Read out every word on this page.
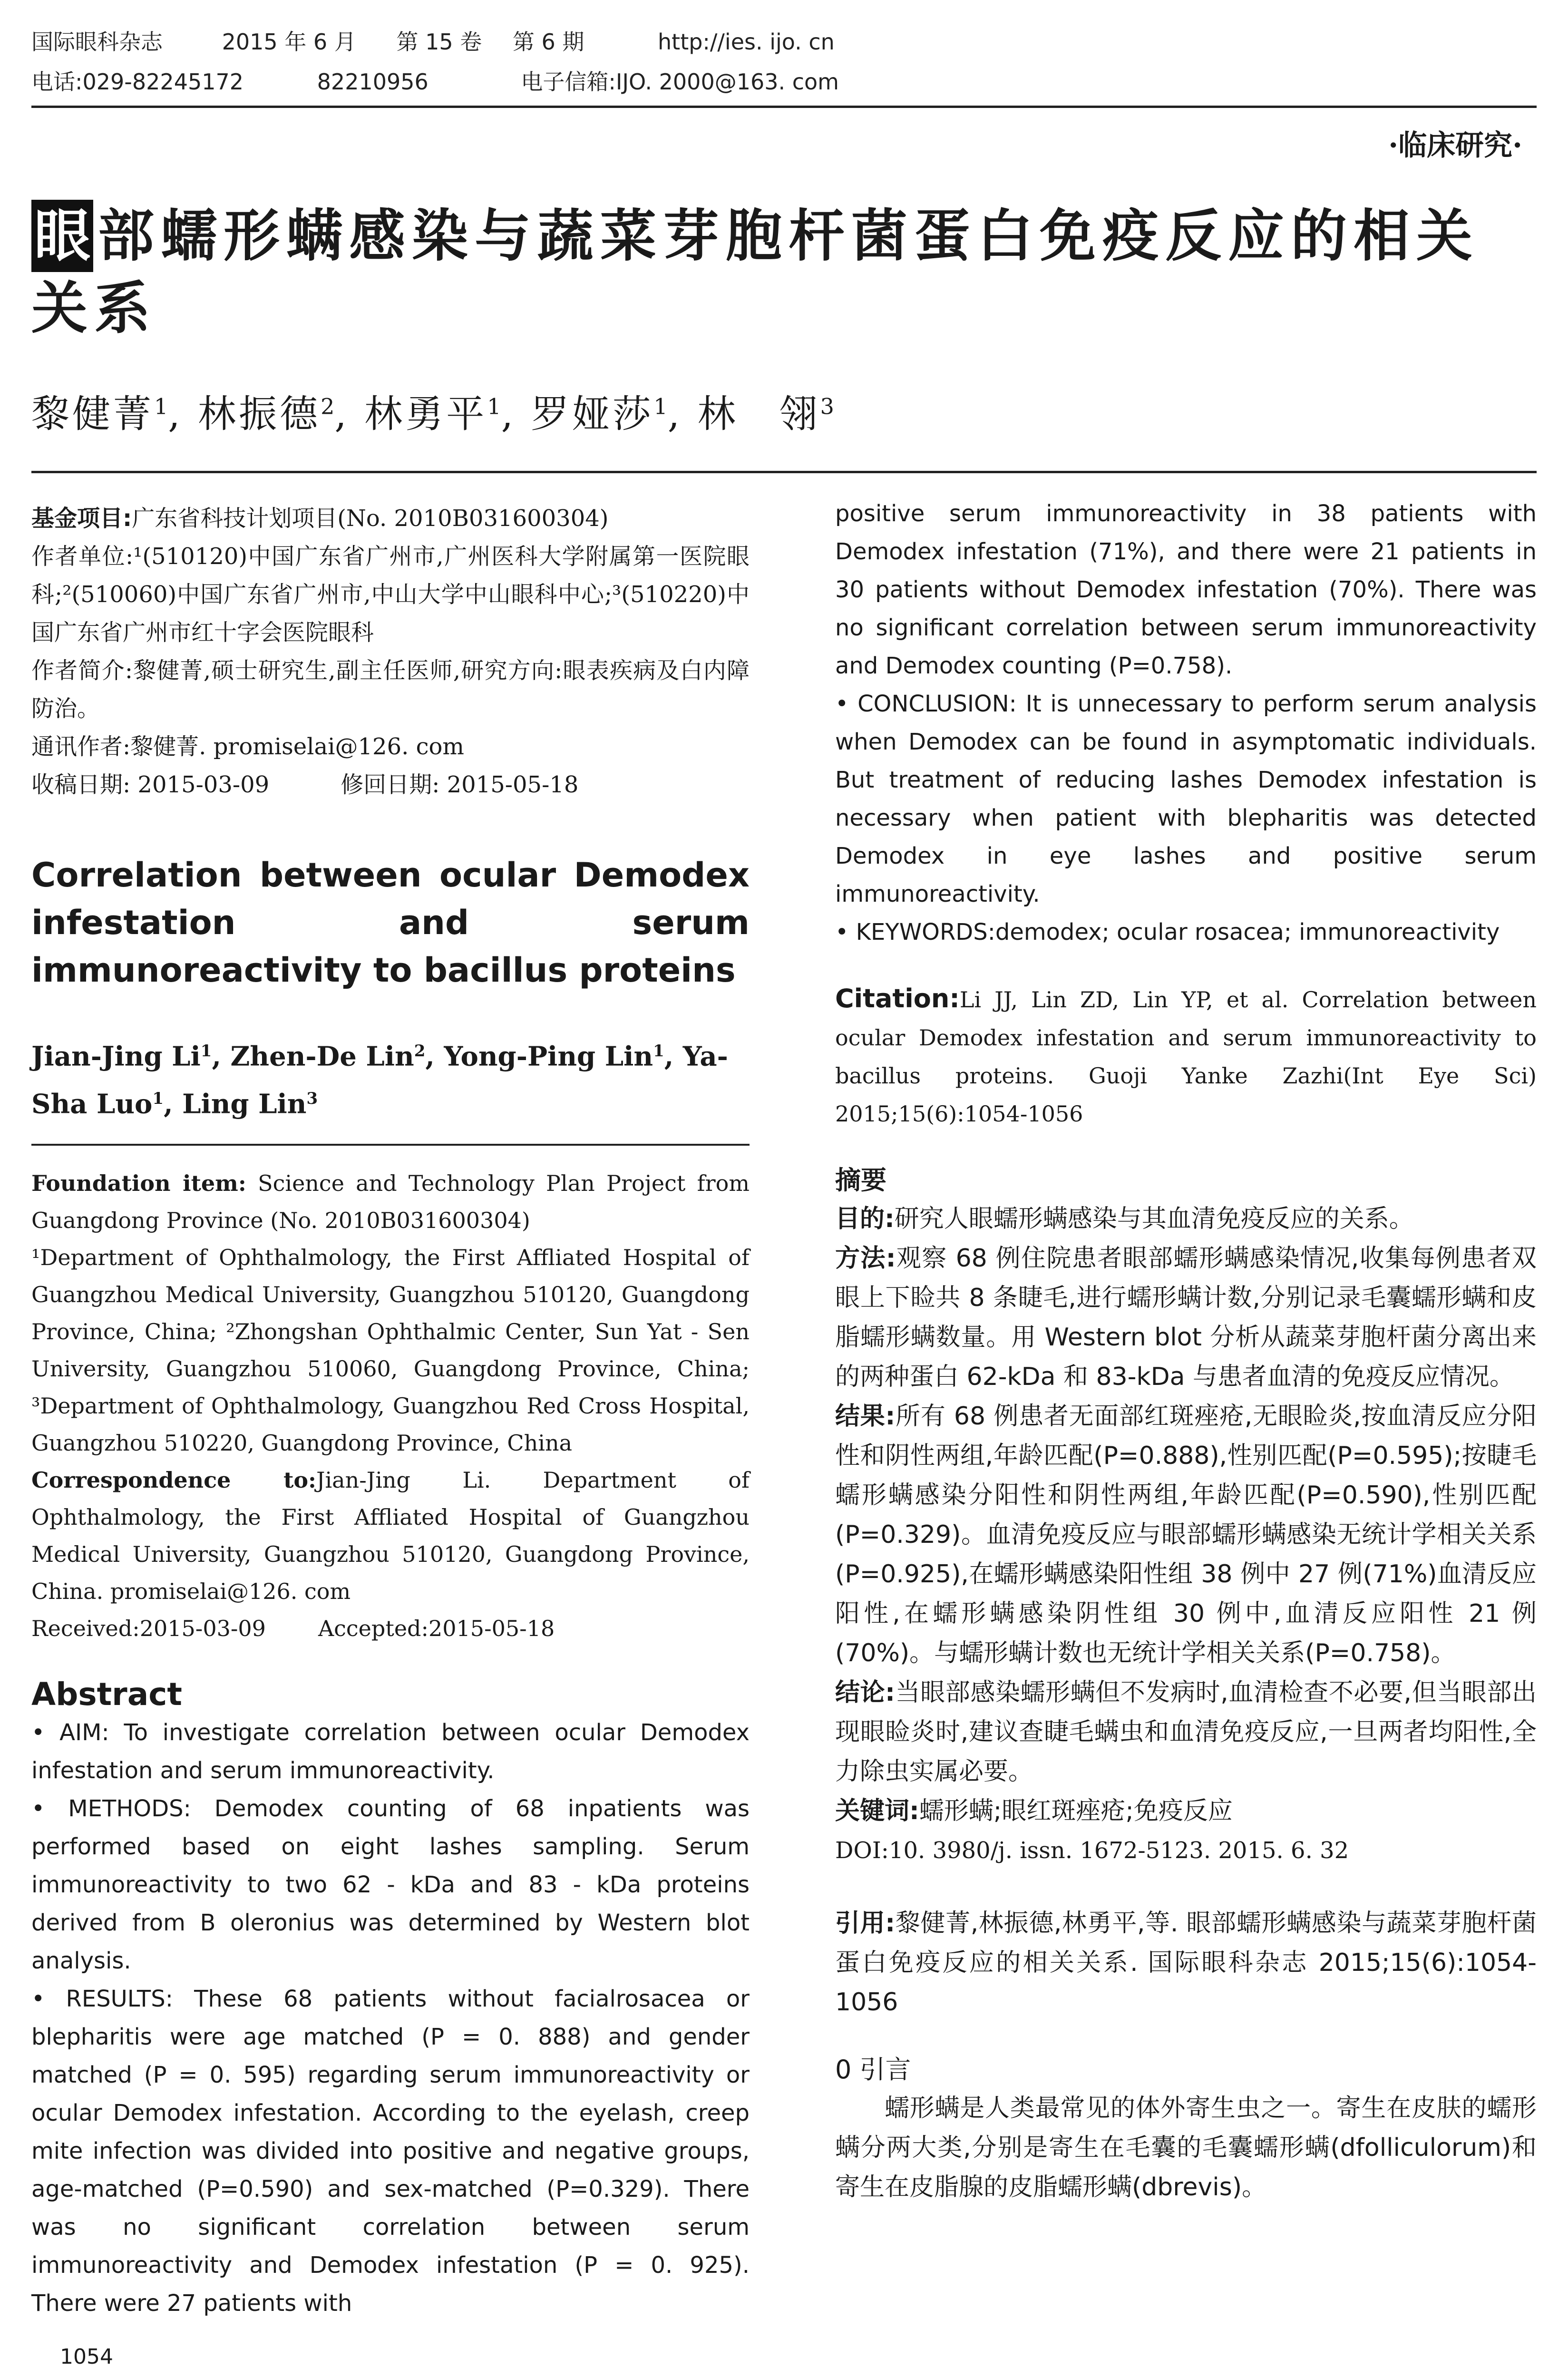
国际眼科杂志	2015 年 6 月 第 15 卷 第 6 期	http://ies. ijo. cn
电话:029-82245172	82210956	电子信箱:IJO. 2000@163. com
·临床研究·
眼 部蠕形螨感染与蔬菜芽胞杆菌蛋白免疫反应的相关关系
黎健菁$^1$, 林振德$^2$, 林勇平$^1$, 罗娅莎$^1$, 林　翎$^3$

基金项目:广东省科技计划项目(No. 2010B031600304)

作者单位:¹(510120)中国广东省广州市,广州医科大学附属第一医院眼科;²(510060)中国广东省广州市,中山大学中山眼科中心;³(510220)中国广东省广州市红十字会医院眼科

作者简介:黎健菁,硕士研究生,副主任医师,研究方向:眼表疾病及白内障防治。

通讯作者:黎健菁. promiselai@126. com

收稿日期: 2015-03-09	修回日期: 2015-05-18

Correlation between ocular Demodex infestation and serum immunoreactivity to bacillus proteins
Jian-Jing Li$^1$, Zhen-De Lin$^2$, Yong-Ping Lin$^1$, Ya-Sha Luo$^1$, Ling Lin$^3$

Foundation item: Science and Technology Plan Project from Guangdong Province (No. 2010B031600304)

¹Department of Ophthalmology, the First Affliated Hospital of Guangzhou Medical University, Guangzhou 510120, Guangdong Province, China; ²Zhongshan Ophthalmic Center, Sun Yat - Sen University, Guangzhou 510060, Guangdong Province, China; ³Department of Ophthalmology, Guangzhou Red Cross Hospital, Guangzhou 510220, Guangdong Province, China

Correspondence to:Jian-Jing Li. Department of Ophthalmology, the First Affliated Hospital of Guangzhou Medical University, Guangzhou 510120, Guangdong Province, China. promiselai@126. com

Received:2015-03-09 Accepted:2015-05-18

Abstract

• AIM: To investigate correlation between ocular Demodex infestation and serum immunoreactivity.

• METHODS: Demodex counting of 68 inpatients was performed based on eight lashes sampling. Serum immunoreactivity to two 62 - kDa and 83 - kDa proteins derived from B oleronius was determined by Western blot analysis.

• RESULTS: These 68 patients without facialrosacea or blepharitis were age matched (P = 0. 888) and gender matched (P = 0. 595) regarding serum immunoreactivity or ocular Demodex infestation. According to the eyelash, creep mite infection was divided into positive and negative groups, age-matched (P=0.590) and sex-matched (P=0.329). There was no significant correlation between serum immunoreactivity and Demodex infestation (P = 0. 925). There were 27 patients with

positive serum immunoreactivity in 38 patients with Demodex infestation (71%), and there were 21 patients in 30 patients without Demodex infestation (70%). There was no significant correlation between serum immunoreactivity and Demodex counting (P=0.758).

• CONCLUSION: It is unnecessary to perform serum analysis when Demodex can be found in asymptomatic individuals. But treatment of reducing lashes Demodex infestation is necessary when patient with blepharitis was detected Demodex in eye lashes and positive serum immunoreactivity.

• KEYWORDS:demodex; ocular rosacea; immunoreactivity

Citation:Li JJ, Lin ZD, Lin YP, et al. Correlation between ocular Demodex infestation and serum immunoreactivity to bacillus proteins. Guoji Yanke Zazhi(Int Eye Sci) 2015;15(6):1054-1056
摘要

目的:研究人眼蠕形螨感染与其血清免疫反应的关系。

方法:观察 68 例住院患者眼部蠕形螨感染情况,收集每例患者双眼上下睑共 8 条睫毛,进行蠕形螨计数,分别记录毛囊蠕形螨和皮脂蠕形螨数量。用 Western blot 分析从蔬菜芽胞杆菌分离出来的两种蛋白 62-kDa 和 83-kDa 与患者血清的免疫反应情况。

结果:所有 68 例患者无面部红斑痤疮,无眼睑炎,按血清反应分阳性和阴性两组,年龄匹配(P=0.888),性别匹配(P=0.595);按睫毛蠕形螨感染分阳性和阴性两组,年龄匹配(P=0.590),性别匹配(P=0.329)。血清免疫反应与眼部蠕形螨感染无统计学相关关系(P=0.925),在蠕形螨感染阳性组 38 例中 27 例(71%)血清反应阳性,在蠕形螨感染阴性组 30 例中,血清反应阳性 21 例(70%)。与蠕形螨计数也无统计学相关关系(P=0.758)。

结论:当眼部感染蠕形螨但不发病时,血清检查不必要,但当眼部出现眼睑炎时,建议查睫毛螨虫和血清免疫反应,一旦两者均阳性,全力除虫实属必要。

关键词:蠕形螨;眼红斑痤疮;免疫反应

DOI:10. 3980/j. issn. 1672-5123. 2015. 6. 32

引用:黎健菁,林振德,林勇平,等. 眼部蠕形螨感染与蔬菜芽胞杆菌蛋白免疫反应的相关关系. 国际眼科杂志 2015;15(6):1054-1056
0 引言
蠕形螨是人类最常见的体外寄生虫之一。寄生在皮肤的蠕形螨分两大类,分别是寄生在毛囊的毛囊蠕形螨(dfolliculorum)和寄生在皮脂腺的皮脂蠕形螨(dbrevis)。
1054
